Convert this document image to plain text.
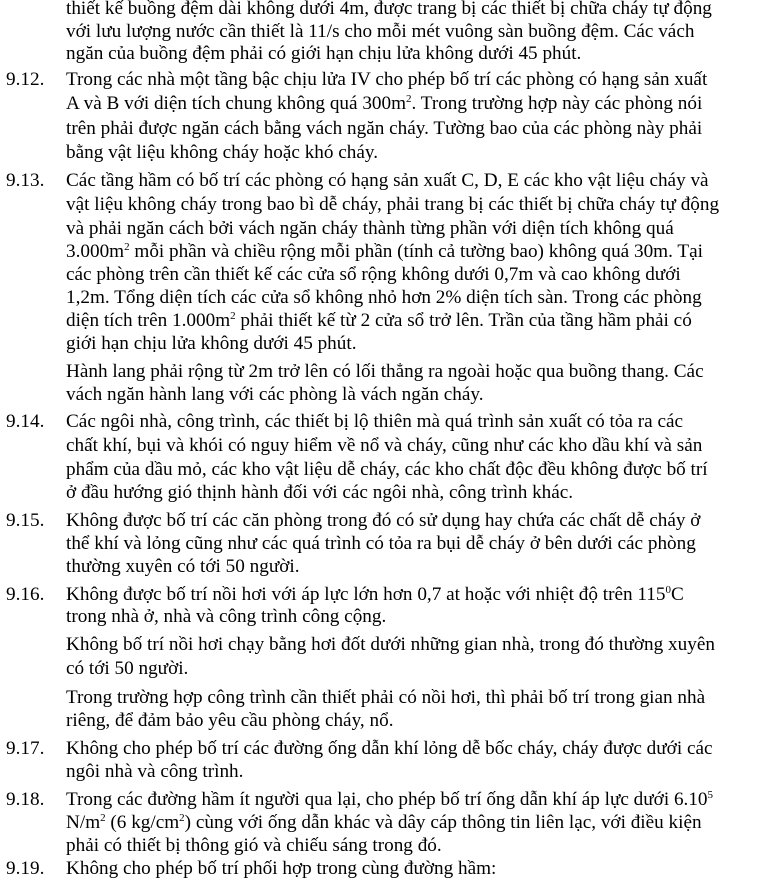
thiết kế buồng đệm dài không dưới 4m, được trang bị các thiết bị chữa cháy tự động
với lưu lượng nước cần thiết là 11/s cho mỗi mét vuông sàn buồng đệm. Các vách
ngăn của buồng đệm phải có giới hạn chịu lửa không dưới 45 phút.
9.12. Trong các nhà một tầng bậc chịu lửa IV cho phép bố trí các phòng có hạng sản xuất
A và B với diện tích chung không quá $300m^2$. Trong trường hợp này các phòng nói
trên phải được ngăn cách bằng vách ngăn cháy. Tường bao của các phòng này phải
bằng vật liệu không cháy hoặc khó cháy.
9.13. Các tầng hầm có bố trí các phòng có hạng sản xuất C, D, E các kho vật liệu cháy và
vật liệu không cháy trong bao bì dễ cháy, phải trang bị các thiết bị chữa cháy tự động
và phải ngăn cách bởi vách ngăn cháy thành từng phần với diện tích không quá
$3.000m^2$ mỗi phần và chiều rộng mỗi phần (tính cả tường bao) không quá 30m. Tại
các phòng trên cần thiết kế các cửa sổ rộng không dưới 0,7m và cao không dưới
1,2m. Tổng diện tích các cửa sổ không nhỏ hơn 2% diện tích sàn. Trong các phòng
diện tích trên $1.000m^2$ phải thiết kế từ 2 cửa sổ trở lên. Trần của tầng hầm phải có
giới hạn chịu lửa không dưới 45 phút.
Hành lang phải rộng từ 2m trở lên có lối thẳng ra ngoài hoặc qua buồng thang. Các
vách ngăn hành lang với các phòng là vách ngăn cháy.
9.14. Các ngôi nhà, công trình, các thiết bị lộ thiên mà quá trình sản xuất có tỏa ra các
chất khí, bụi và khói có nguy hiểm về nổ và cháy, cũng như các kho dầu khí và sản
phẩm của dầu mỏ, các kho vật liệu dễ cháy, các kho chất độc đều không được bố trí
ở đầu hướng gió thịnh hành đối với các ngôi nhà, công trình khác.
9.15. Không được bố trí các căn phòng trong đó có sử dụng hay chứa các chất dễ cháy ở
thể khí và lỏng cũng như các quá trình có tỏa ra bụi dễ cháy ở bên dưới các phòng
thường xuyên có tới 50 người.
9.16. Không được bố trí nồi hơi với áp lực lớn hơn 0,7 at hoặc với nhiệt độ trên $115^0C$
trong nhà ở, nhà và công trình công cộng.
Không bố trí nồi hơi chạy bằng hơi đốt dưới những gian nhà, trong đó thường xuyên
có tới 50 người.
Trong trường hợp công trình cần thiết phải có nồi hơi, thì phải bố trí trong gian nhà
riêng, để đảm bảo yêu cầu phòng cháy, nổ.
9.17. Không cho phép bố trí các đường ống dẫn khí lỏng dễ bốc cháy, cháy được dưới các
ngôi nhà và công trình.
9.18. Trong các đường hầm ít người qua lại, cho phép bố trí ống dẫn khí áp lực dưới 6.10$^5$
$N/m^2$ (6 $kg/cm^2$) cùng với ống dẫn khác và dây cáp thông tin liên lạc, với điều kiện
phải có thiết bị thông gió và chiếu sáng trong đó.
9.19. Không cho phép bố trí phối hợp trong cùng đường hầm:
